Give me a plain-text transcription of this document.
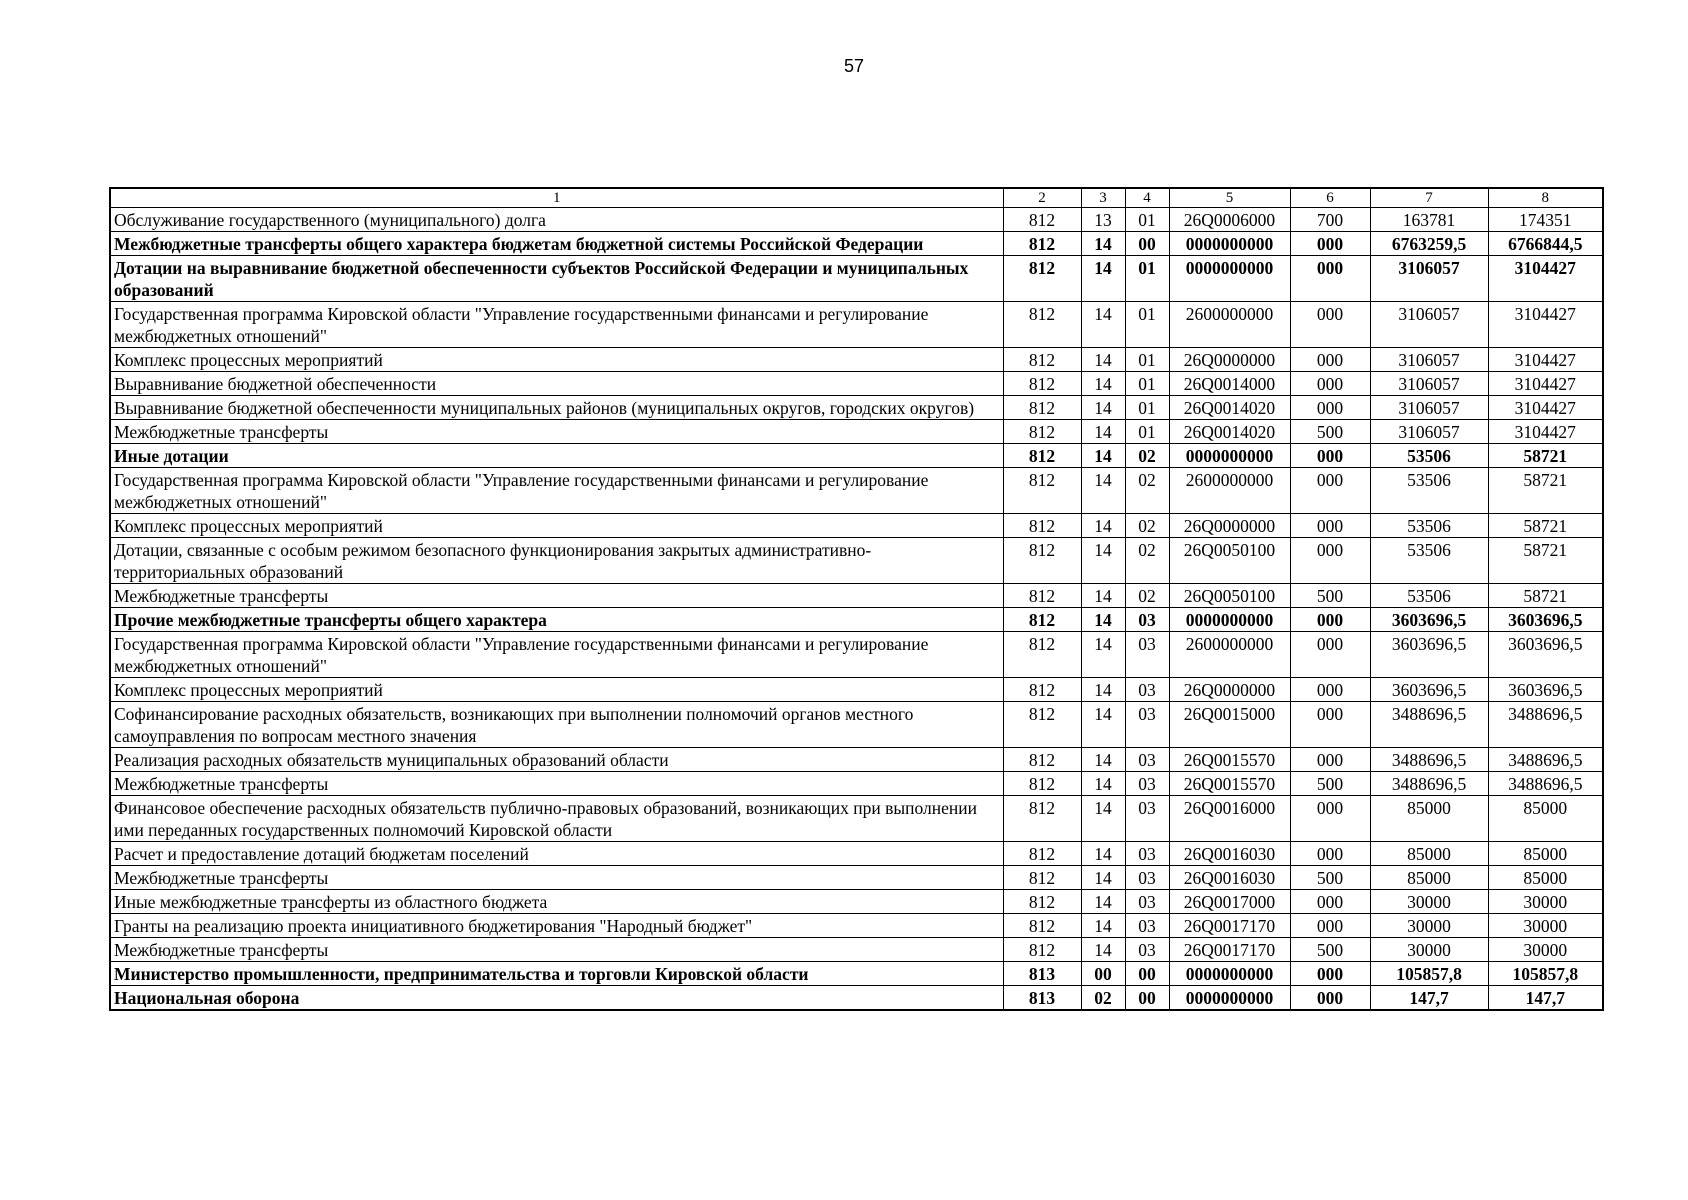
57
1	2	3	4	5	6	7	8
Обслуживание государственного (муниципального) долга	812	13	01	26Q0006000	700	163781	174351
Межбюджетные трансферты общего характера бюджетам бюджетной системы Российской Федерации	812	14	00	0000000000	000	6763259,5	6766844,5
Дотации на выравнивание бюджетной обеспеченности субъектов Российской Федерации и муниципальных образований	812	14	01	0000000000	000	3106057	3104427
Государственная программа Кировской области "Управление государственными финансами и регулирование межбюджетных отношений"	812	14	01	2600000000	000	3106057	3104427
Комплекс процессных мероприятий	812	14	01	26Q0000000	000	3106057	3104427
Выравнивание бюджетной обеспеченности	812	14	01	26Q0014000	000	3106057	3104427
Выравнивание бюджетной обеспеченности муниципальных районов (муниципальных округов, городских округов)	812	14	01	26Q0014020	000	3106057	3104427
Межбюджетные трансферты	812	14	01	26Q0014020	500	3106057	3104427
Иные дотации	812	14	02	0000000000	000	53506	58721
Государственная программа Кировской области "Управление государственными финансами и регулирование межбюджетных отношений"	812	14	02	2600000000	000	53506	58721
Комплекс процессных мероприятий	812	14	02	26Q0000000	000	53506	58721
Дотации, связанные с особым режимом безопасного функционирования закрытых административно-территориальных образований	812	14	02	26Q0050100	000	53506	58721
Межбюджетные трансферты	812	14	02	26Q0050100	500	53506	58721
Прочие межбюджетные трансферты общего характера	812	14	03	0000000000	000	3603696,5	3603696,5
Государственная программа Кировской области "Управление государственными финансами и регулирование межбюджетных отношений"	812	14	03	2600000000	000	3603696,5	3603696,5
Комплекс процессных мероприятий	812	14	03	26Q0000000	000	3603696,5	3603696,5
Софинансирование расходных обязательств, возникающих при выполнении полномочий органов местного самоуправления по вопросам местного значения	812	14	03	26Q0015000	000	3488696,5	3488696,5
Реализация расходных обязательств муниципальных образований области	812	14	03	26Q0015570	000	3488696,5	3488696,5
Межбюджетные трансферты	812	14	03	26Q0015570	500	3488696,5	3488696,5
Финансовое обеспечение расходных обязательств публично-правовых образований, возникающих при выполнении ими переданных государственных полномочий Кировской области	812	14	03	26Q0016000	000	85000	85000
Расчет и предоставление дотаций бюджетам поселений	812	14	03	26Q0016030	000	85000	85000
Межбюджетные трансферты	812	14	03	26Q0016030	500	85000	85000
Иные межбюджетные трансферты из областного бюджета	812	14	03	26Q0017000	000	30000	30000
Гранты на реализацию проекта инициативного бюджетирования "Народный бюджет"	812	14	03	26Q0017170	000	30000	30000
Межбюджетные трансферты	812	14	03	26Q0017170	500	30000	30000
Министерство промышленности, предпринимательства и торговли Кировской области	813	00	00	0000000000	000	105857,8	105857,8
Национальная оборона	813	02	00	0000000000	000	147,7	147,7
